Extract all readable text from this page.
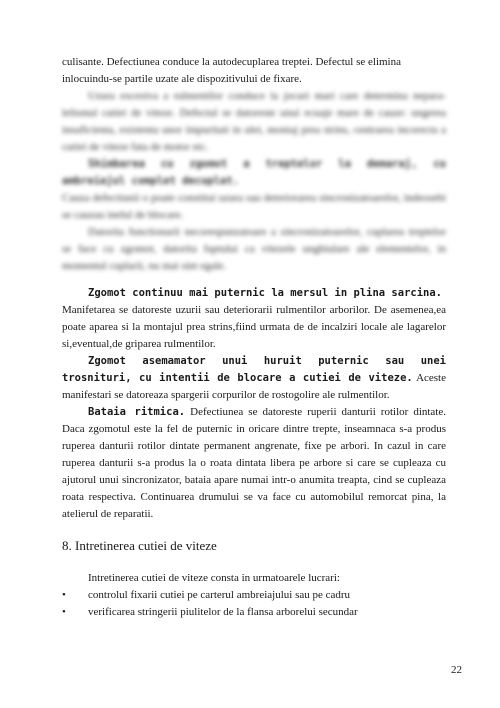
culisante. Defectiunea conduce la autodecuplarea treptei. Defectul se elimina

inlocuindu-se partile uzate ale dispozitivului de fixare.

Uzura excesiva a rulmentilor conduce la jocuri mari care determina neparalelismul cutiei de viteze. Defectul se datoreste unui ecuaje mare de cauze: ungerea insuficienta, existenta unor impuritati in ulei, montaj prea strins, centrarea incorecta a cutiei de viteze fata de motor etc.

Shimbarea cu zgomot a treptelor la demaraj, cu ambreiajul complet decuplat.

Cauza defectiunii o poate constitui uzura sau deteriorarea sincronizatoarelor, indeosebi se cauzau inelul de blocare.

Datorita functionarii necorespunzatoare a sincronizatoarelor, cuplarea treptelor se face cu zgomot, datorita faptului ca vitezele unghiulare ale elementelor, in momentul cuplarii, nu mai sint egale.

Zgomot continuu mai puternic la mersul in plina sarcina.

Manifetarea se datoreste uzurii sau deteriorarii rulmentilor arborilor. De asemenea,ea poate aparea si la montajul prea strins,fiind urmata de de incalziri locale ale lagarelor si,eventual,de griparea rulmentilor.

Zgomot asemamator unui huruit puternic sau unei trosnituri, cu intentii de blocare a cutiei de viteze. Aceste manifestari se datoreaza spargerii corpurilor de rostogolire ale rulmentilor.

Bataia ritmica. Defectiunea se datoreste ruperii danturii rotilor dintate. Daca zgomotul este la fel de puternic in oricare dintre trepte, inseamnaca s-a produs ruperea danturii rotilor dintate permanent angrenate, fixe pe arbori. In cazul in care ruperea danturii s-a produs la o roata dintata libera pe arbore si care se cupleaza cu ajutorul unui sincronizator, bataia apare numai intr-o anumita treapta, cind se cupleaza roata respectiva. Continuarea drumului se va face cu automobilul remorcat pina, la atelierul de reparatii.

8. Intretinerea cutiei de viteze

Intretinerea cutiei de viteze consta in urmatoarele lucrari:

• controlul fixarii cutiei pe carterul ambreiajului sau pe cadru
• verificarea stringerii piulitelor de la flansa arborelui secundar
22
